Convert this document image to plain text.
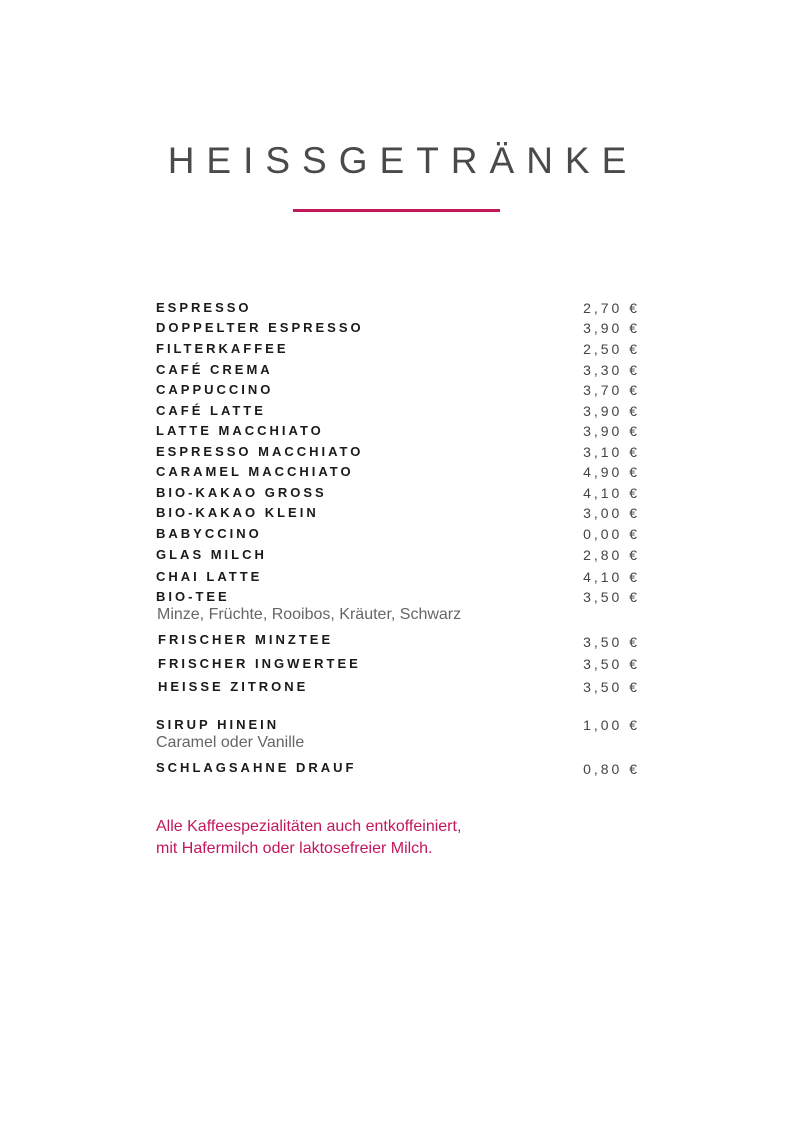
HEISSGETRÄNKE
ESPRESSO	2,70 €
DOPPELTER ESPRESSO	3,90 €
FILTERKAFFEE	2,50 €
CAFÉ CREMA	3,30 €
CAPPUCCINO	3,70 €
CAFÉ LATTE	3,90 €
LATTE MACCHIATO	3,90 €
ESPRESSO MACCHIATO	3,10 €
CARAMEL MACCHIATO	4,90 €
BIO-KAKAO GROSS	4,10 €
BIO-KAKAO KLEIN	3,00 €
BABYCCINO	0,00 €
GLAS MILCH	2,80 €
CHAI LATTE	4,10 €
BIO-TEE	3,50 €
Minze, Früchte, Rooibos, Kräuter, Schwarz
FRISCHER MINZTEE	3,50 €
FRISCHER INGWERTEE	3,50 €
HEISSE ZITRONE	3,50 €
SIRUP HINEIN	1,00 €
Caramel oder Vanille
SCHLAGSAHNE DRAUF	0,80 €
Alle Kaffeespezialitäten auch entkoffeiniert,
mit Hafermilch oder laktosefreier Milch.
